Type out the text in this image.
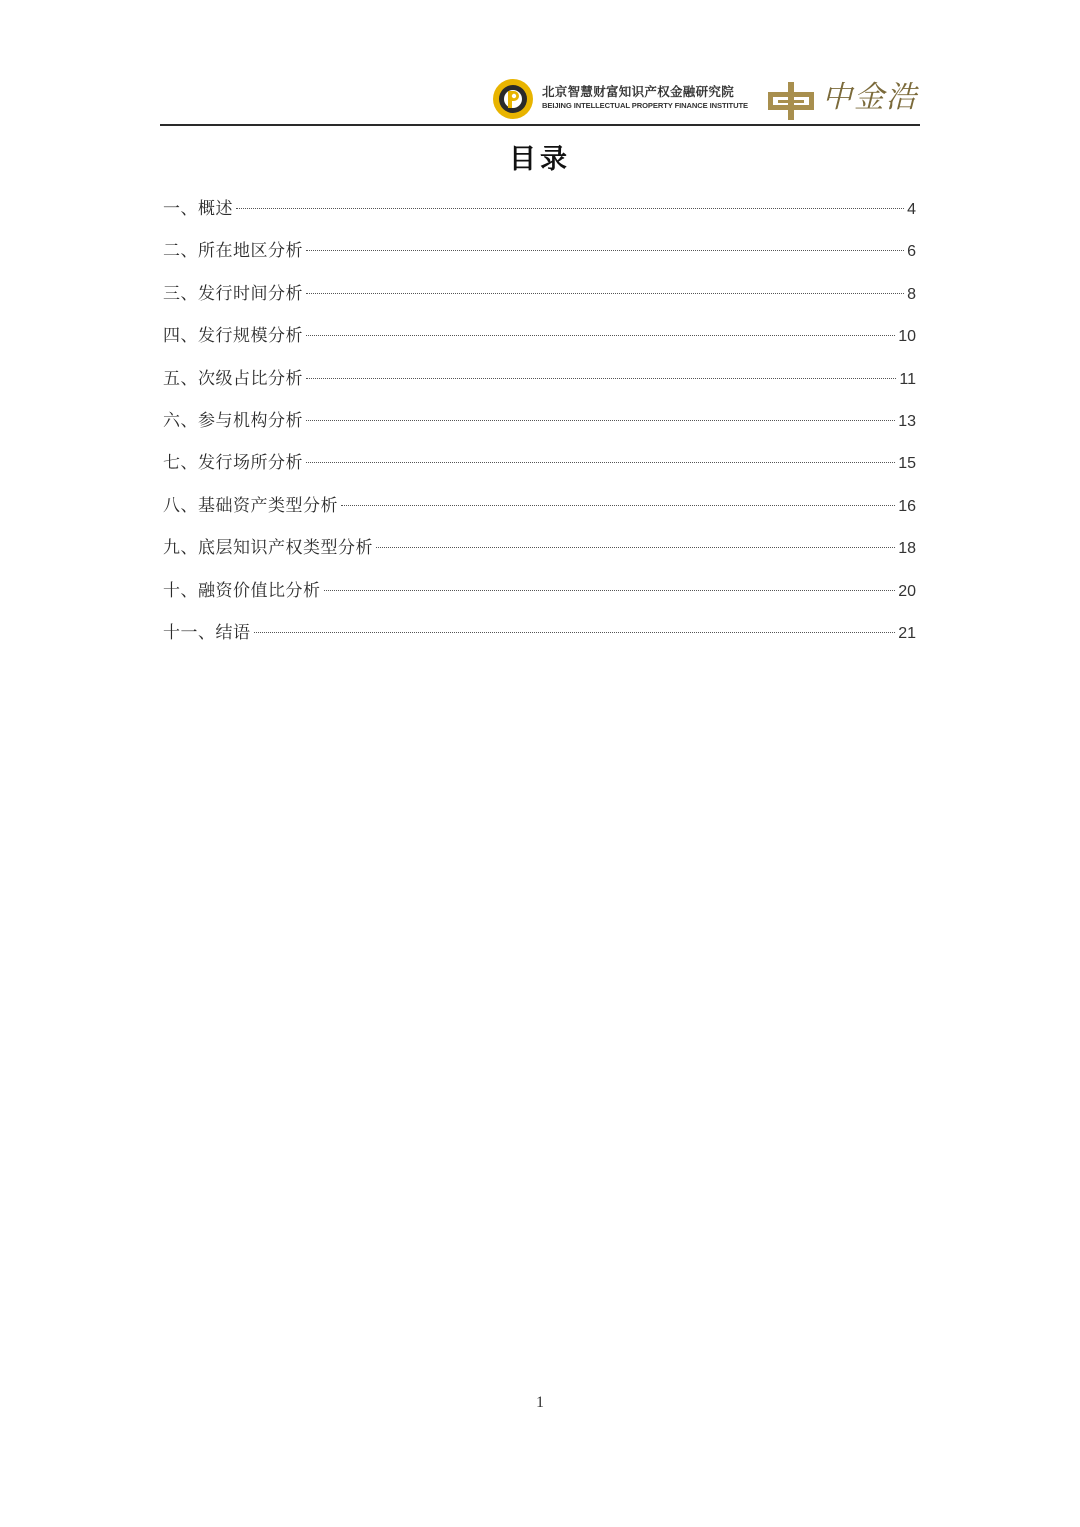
北京智慧财富知识产权金融研究院
BEIJING INTELLECTUAL PROPERTY FINANCE INSTITUTE	中金浩
目录
一、概述	4
二、所在地区分析	6
三、发行时间分析	8
四、发行规模分析	10
五、次级占比分析	11
六、参与机构分析	13
七、发行场所分析	15
八、基础资产类型分析	16
九、底层知识产权类型分析	18
十、融资价值比分析	20
十一、结语	21
1
